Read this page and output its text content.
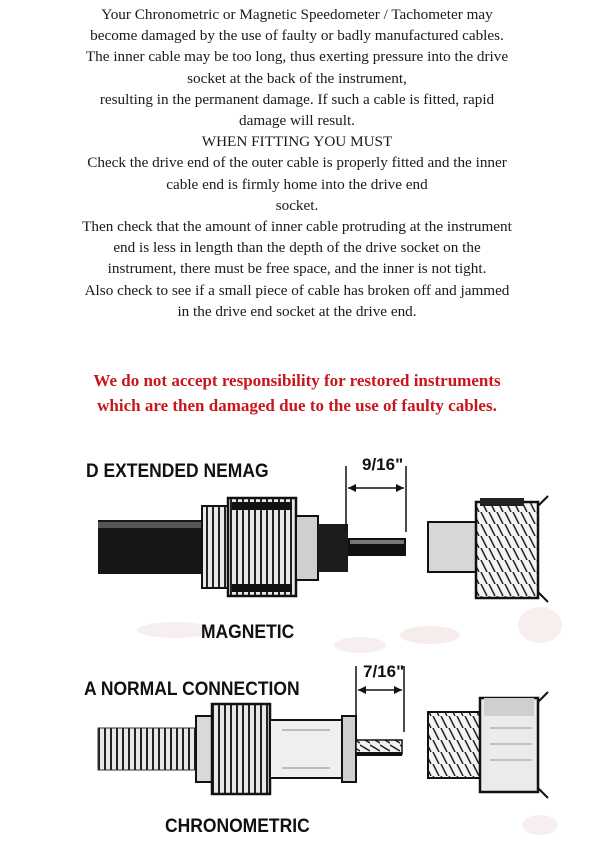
Your Chronometric or Magnetic Speedometer / Tachometer may
become damaged by the use of faulty or badly manufactured cables.
The inner cable may be too long, thus exerting pressure into the drive
socket at the back of the instrument,
resulting in the permanent damage. If such a cable is fitted, rapid
damage will result.
WHEN FITTING YOU MUST
Check the drive end of the outer cable is properly fitted and the inner
cable end is firmly home into the drive end
socket.
Then check that the amount of inner cable protruding at the instrument
end is less in length than the depth of the drive socket on the
instrument, there must be free space, and the inner is not tight.
Also check to see if a small piece of cable has broken off and jammed
in the drive end socket at the drive end.
We do not accept responsibility for restored instruments
which are then damaged due to the use of faulty cables.
D EXTENDED NEMAG	9/16"
MAGNETIC
A NORMAL CONNECTION
7/16"
CHRONOMETRIC
